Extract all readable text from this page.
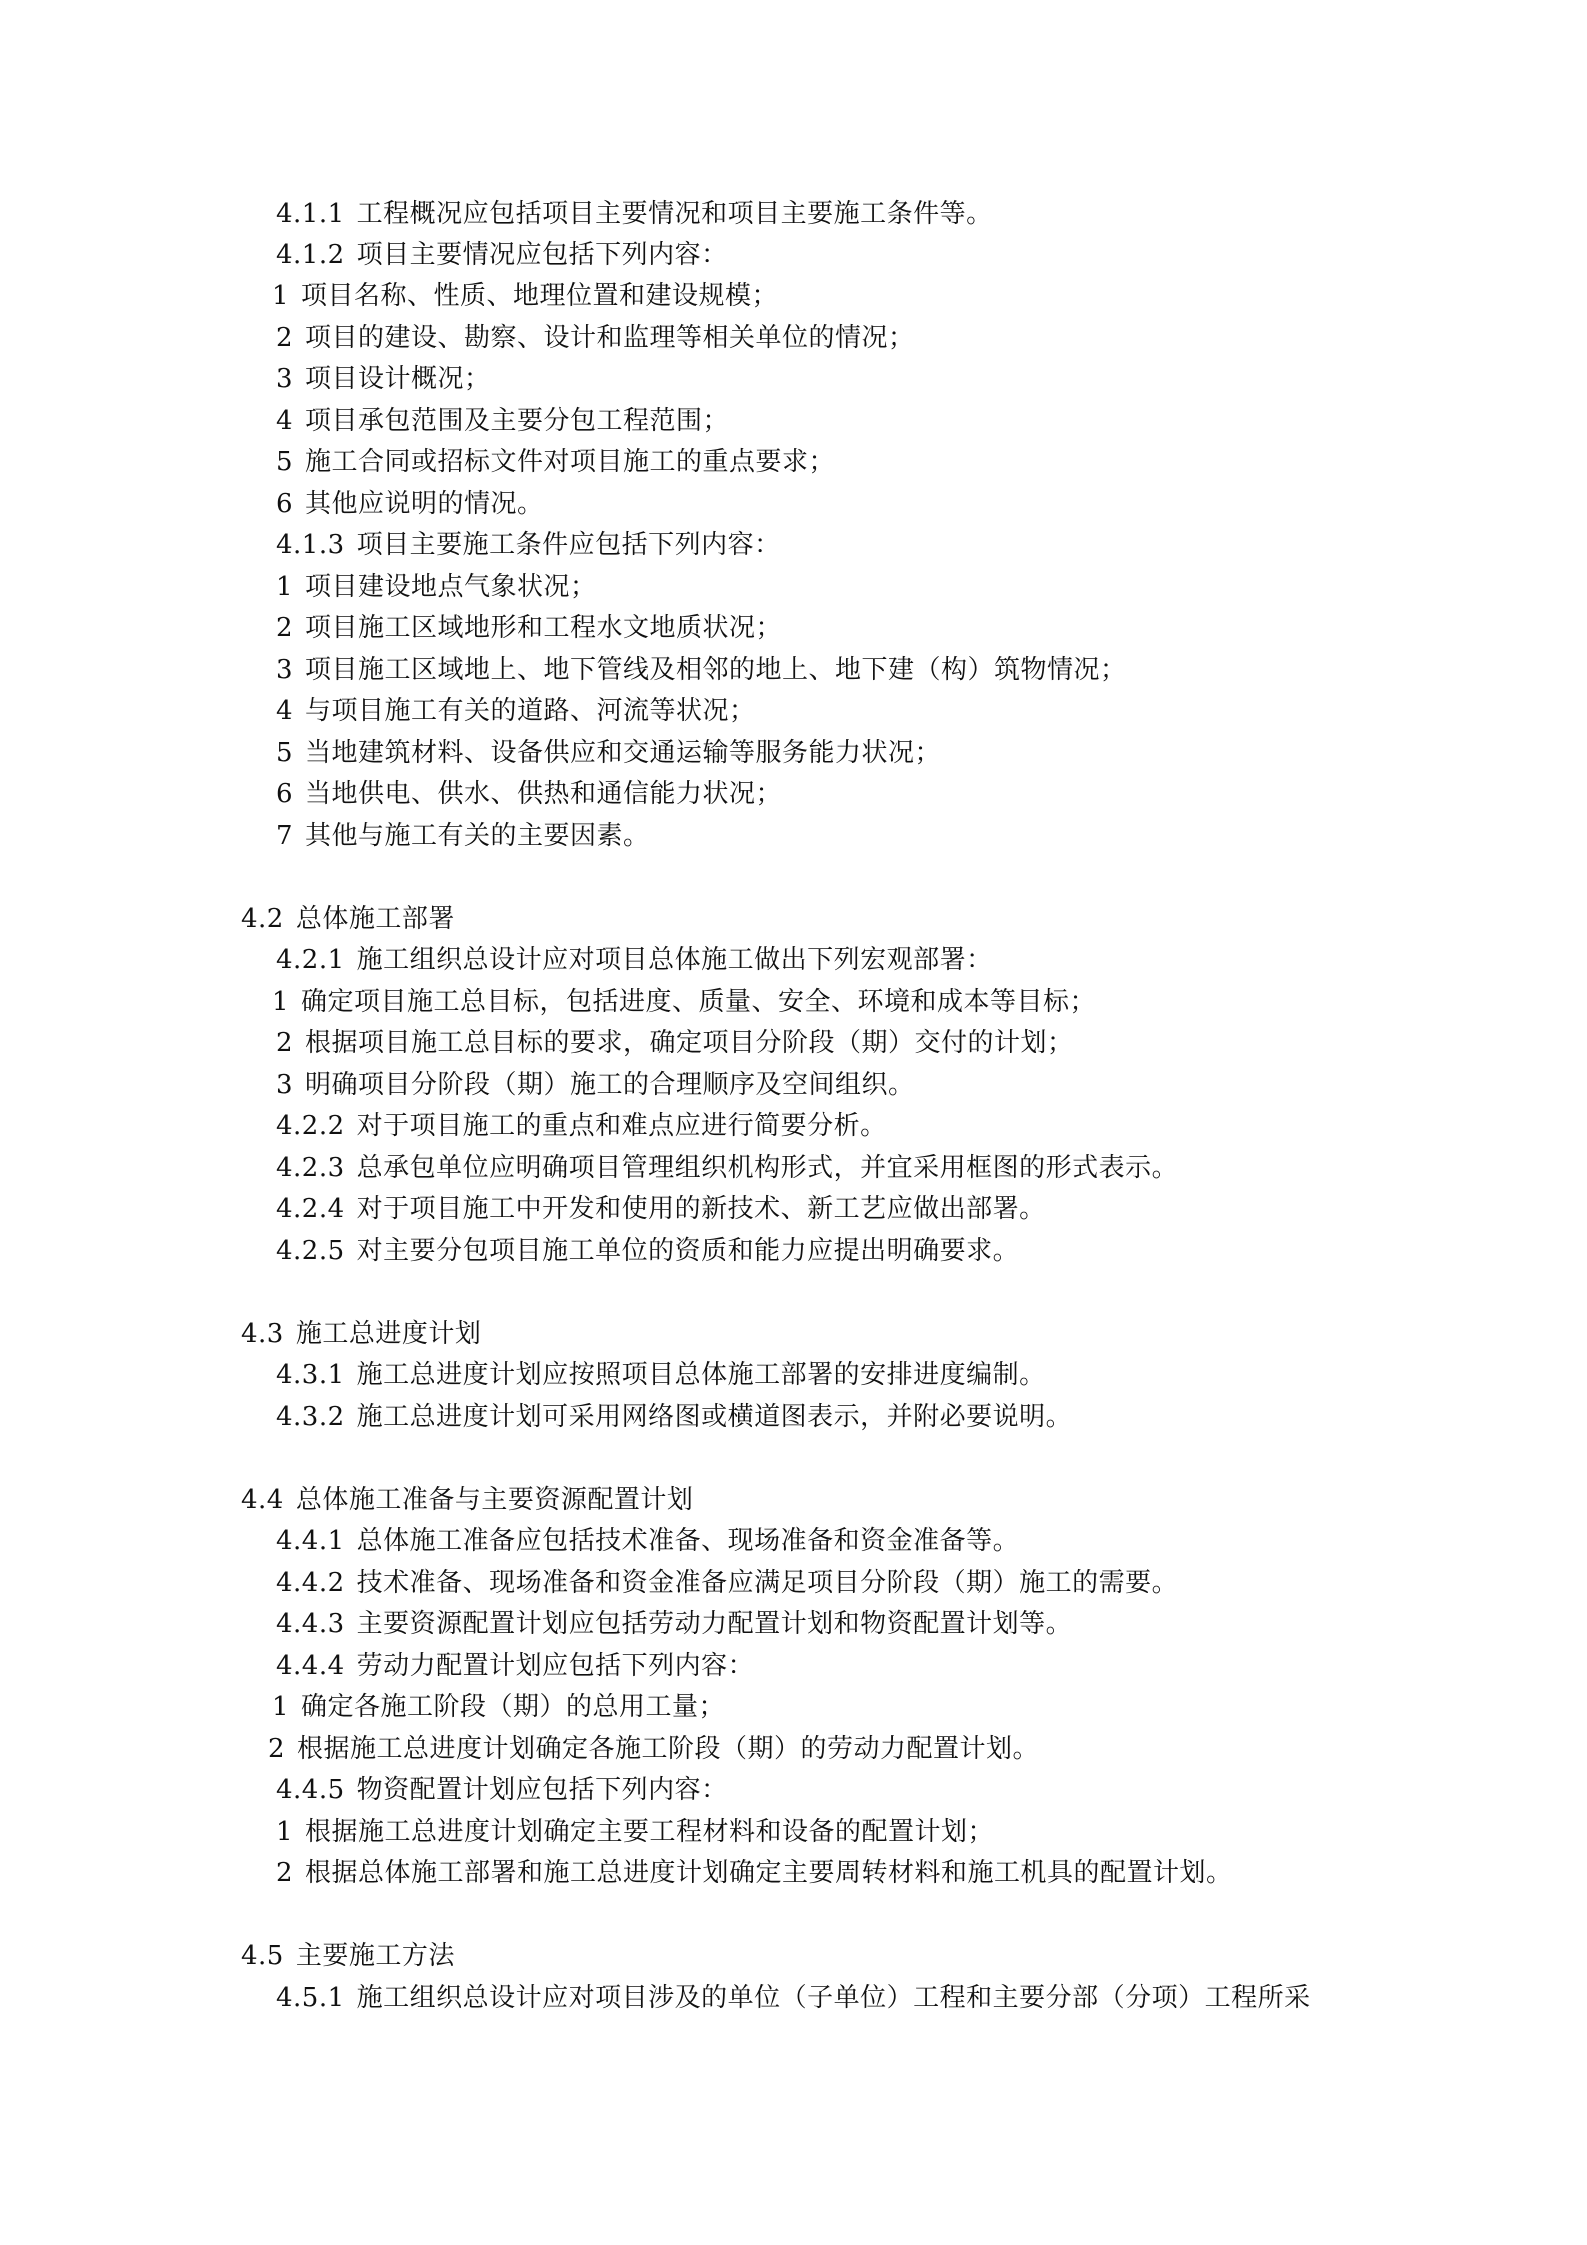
4.1.1 工程概况应包括项目主要情况和项目主要施工条件等。
4.1.2 项目主要情况应包括下列内容：
1 项目名称、性质、地理位置和建设规模；
2 项目的建设、勘察、设计和监理等相关单位的情况；
3 项目设计概况；
4 项目承包范围及主要分包工程范围；
5 施工合同或招标文件对项目施工的重点要求；
6 其他应说明的情况。
4.1.3 项目主要施工条件应包括下列内容：
1 项目建设地点气象状况；
2 项目施工区域地形和工程水文地质状况；
3 项目施工区域地上、地下管线及相邻的地上、地下建（构）筑物情况；
4 与项目施工有关的道路、河流等状况；
5 当地建筑材料、设备供应和交通运输等服务能力状况；
6 当地供电、供水、供热和通信能力状况；
7 其他与施工有关的主要因素。
4.2 总体施工部署
4.2.1 施工组织总设计应对项目总体施工做出下列宏观部署：
1 确定项目施工总目标，包括进度、质量、安全、环境和成本等目标；
2 根据项目施工总目标的要求，确定项目分阶段（期）交付的计划；
3 明确项目分阶段（期）施工的合理顺序及空间组织。
4.2.2 对于项目施工的重点和难点应进行简要分析。
4.2.3 总承包单位应明确项目管理组织机构形式，并宜采用框图的形式表示。
4.2.4 对于项目施工中开发和使用的新技术、新工艺应做出部署。
4.2.5 对主要分包项目施工单位的资质和能力应提出明确要求。
4.3 施工总进度计划
4.3.1 施工总进度计划应按照项目总体施工部署的安排进度编制。
4.3.2 施工总进度计划可采用网络图或横道图表示，并附必要说明。
4.4 总体施工准备与主要资源配置计划
4.4.1 总体施工准备应包括技术准备、现场准备和资金准备等。
4.4.2 技术准备、现场准备和资金准备应满足项目分阶段（期）施工的需要。
4.4.3 主要资源配置计划应包括劳动力配置计划和物资配置计划等。
4.4.4 劳动力配置计划应包括下列内容：
1 确定各施工阶段（期）的总用工量；
2 根据施工总进度计划确定各施工阶段（期）的劳动力配置计划。
4.4.5 物资配置计划应包括下列内容：
1 根据施工总进度计划确定主要工程材料和设备的配置计划；
2 根据总体施工部署和施工总进度计划确定主要周转材料和施工机具的配置计划。
4.5 主要施工方法
4.5.1 施工组织总设计应对项目涉及的单位（子单位）工程和主要分部（分项）工程所采
